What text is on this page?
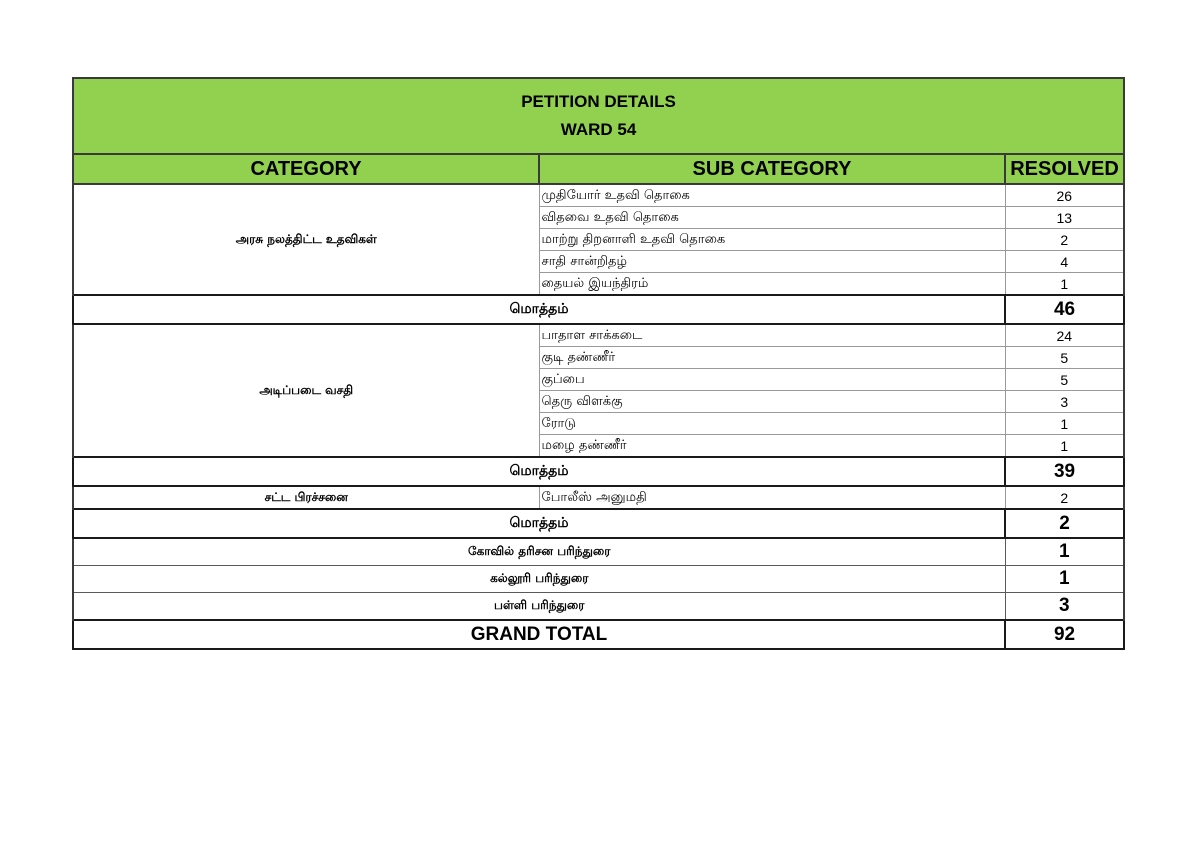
PETITION DETAILS
WARD 54		

CATEGORY	SUB CATEGORY	RESOLVED
அரசு நலத்திட்ட உதவிகள்	முதியோர் உதவி தொகை	26
	விதவை உதவி தொகை	13
	மாற்று திறனாளி உதவி தொகை	2
	சாதி சான்றிதழ்	4
	தையல் இயந்திரம்	1
மொத்தம்		46
அடிப்படை வசதி	பாதாள சாக்கடை	24
	குடி தண்ணீர்	5
	குப்பை	5
	தெரு விளக்கு	3
	ரோடு	1
	மழை தண்ணீர்	1
மொத்தம்		39
சட்ட பிரச்சனை	போலீஸ் அனுமதி	2
மொத்தம்		2
கோவில் தரிசன பரிந்துரை		1
கல்லூரி பரிந்துரை		1
பள்ளி பரிந்துரை		3
GRAND TOTAL		92
